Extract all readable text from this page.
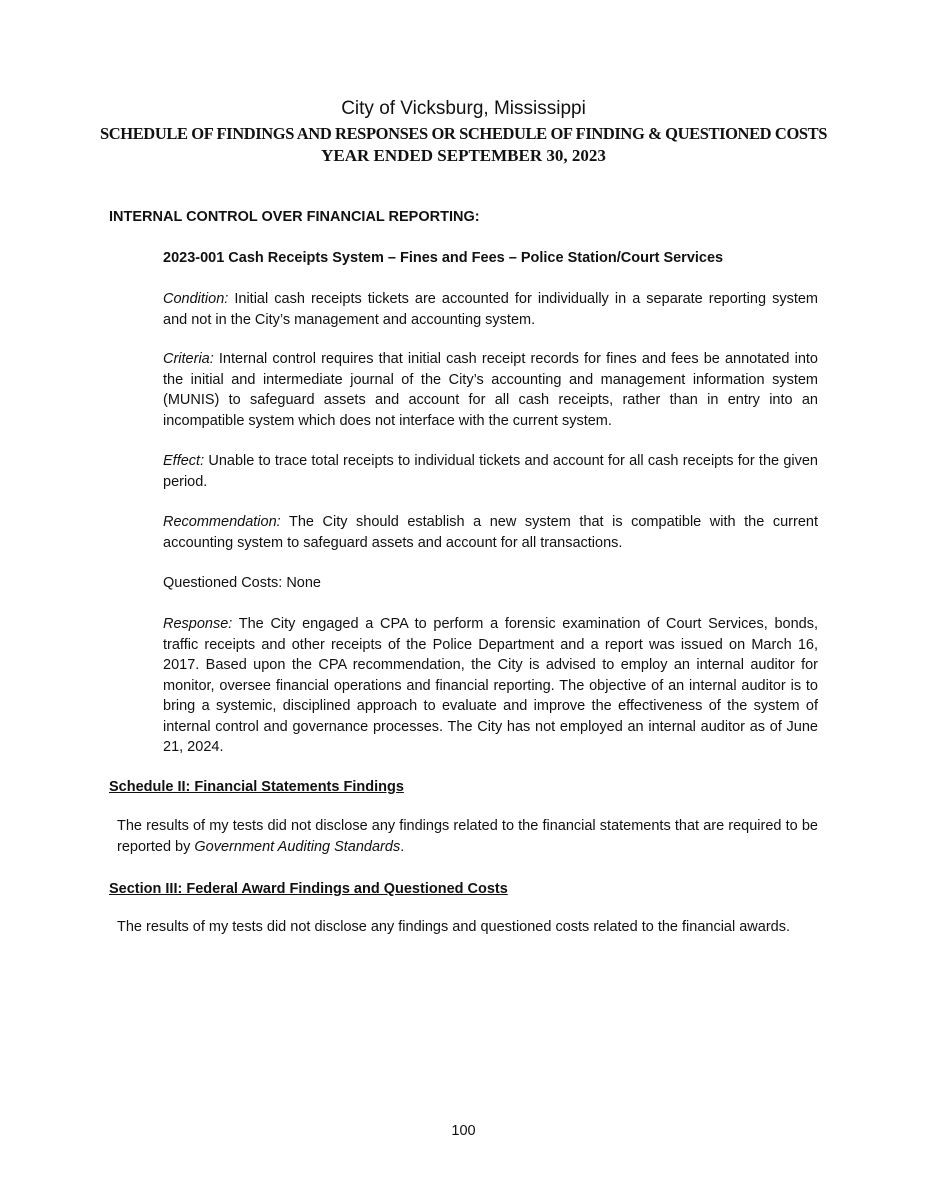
City of Vicksburg, Mississippi
SCHEDULE OF FINDINGS AND RESPONSES OR SCHEDULE OF FINDING & QUESTIONED COSTS
YEAR ENDED SEPTEMBER 30, 2023
INTERNAL CONTROL OVER FINANCIAL REPORTING:
2023-001 Cash Receipts System – Fines and Fees – Police Station/Court Services
Condition: Initial cash receipts tickets are accounted for individually in a separate reporting system and not in the City’s management and accounting system.
Criteria: Internal control requires that initial cash receipt records for fines and fees be annotated into the initial and intermediate journal of the City’s accounting and management information system (MUNIS) to safeguard assets and account for all cash receipts, rather than in entry into an incompatible system which does not interface with the current system.
Effect: Unable to trace total receipts to individual tickets and account for all cash receipts for the given period.
Recommendation: The City should establish a new system that is compatible with the current accounting system to safeguard assets and account for all transactions.
Questioned Costs: None
Response: The City engaged a CPA to perform a forensic examination of Court Services, bonds, traffic receipts and other receipts of the Police Department and a report was issued on March 16, 2017. Based upon the CPA recommendation, the City is advised to employ an internal auditor for monitor, oversee financial operations and financial reporting. The objective of an internal auditor is to bring a systemic, disciplined approach to evaluate and improve the effectiveness of the system of internal control and governance processes. The City has not employed an internal auditor as of June 21, 2024.
Schedule II: Financial Statements Findings
The results of my tests did not disclose any findings related to the financial statements that are required to be reported by Government Auditing Standards.
Section III: Federal Award Findings and Questioned Costs
The results of my tests did not disclose any findings and questioned costs related to the financial awards.
100
